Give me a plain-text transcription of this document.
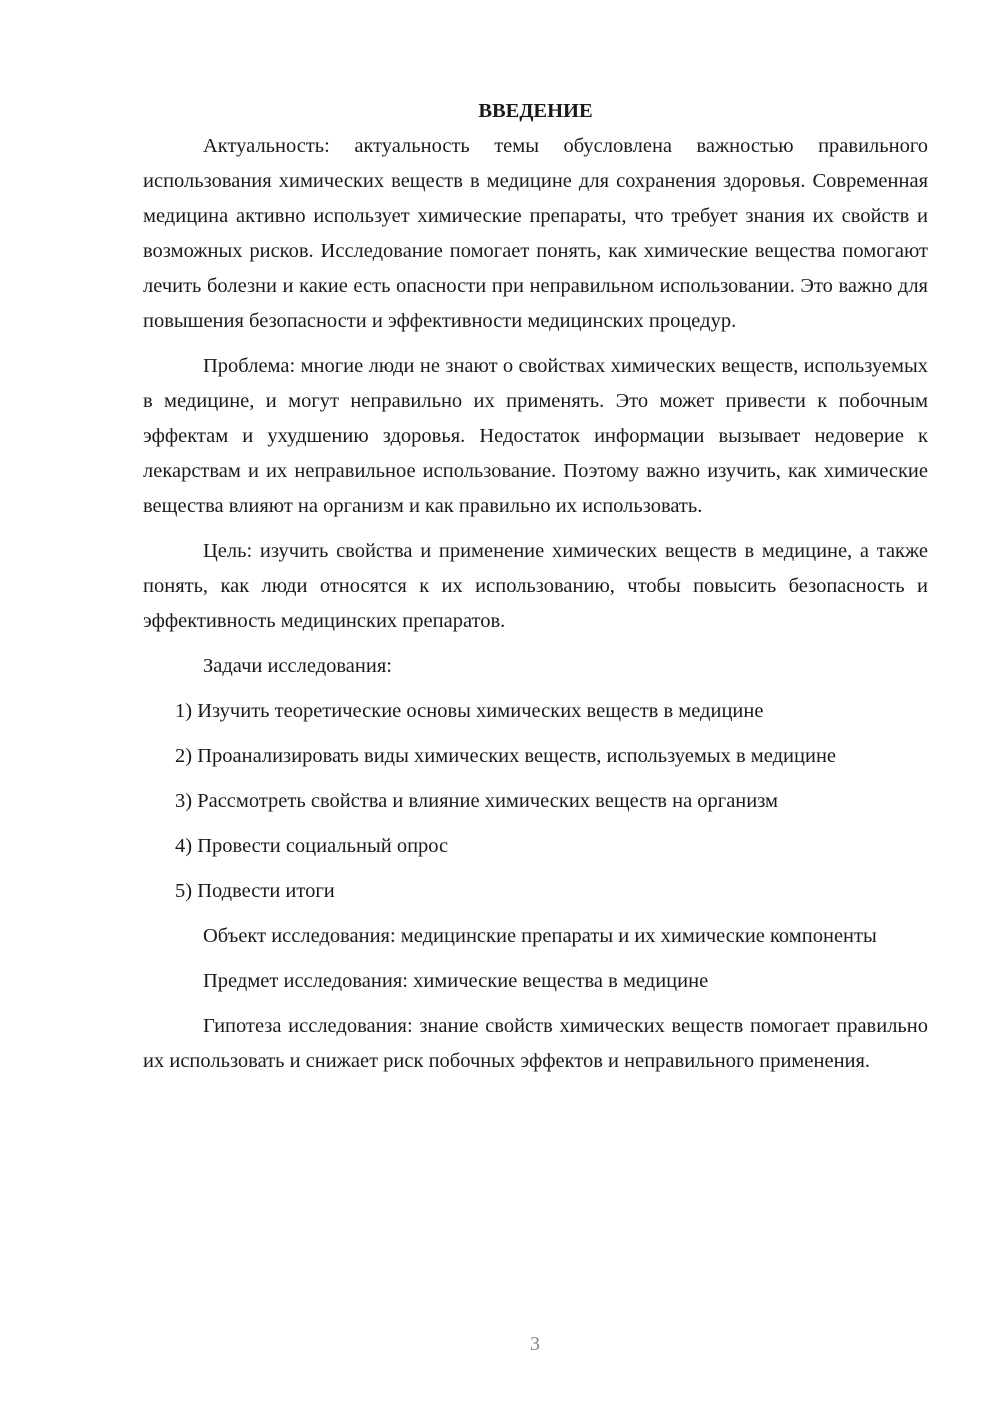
ВВЕДЕНИЕ

Актуальность: актуальность темы обусловлена важностью правильного использования химических веществ в медицине для сохранения здоровья. Современная медицина активно использует химические препараты, что требует знания их свойств и возможных рисков. Исследование помогает понять, как химические вещества помогают лечить болезни и какие есть опасности при неправильном использовании. Это важно для повышения безопасности и эффективности медицинских процедур.

Проблема: многие люди не знают о свойствах химических веществ, используемых в медицине, и могут неправильно их применять. Это может привести к побочным эффектам и ухудшению здоровья. Недостаток информации вызывает недоверие к лекарствам и их неправильное использование. Поэтому важно изучить, как химические вещества влияют на организм и как правильно их использовать.

Цель: изучить свойства и применение химических веществ в медицине, а также понять, как люди относятся к их использованию, чтобы повысить безопасность и эффективность медицинских препаратов.

Задачи исследования:

1) Изучить теоретические основы химических веществ в медицине

2) Проанализировать виды химических веществ, используемых в медицине

3) Рассмотреть свойства и влияние химических веществ на организм

4) Провести социальный опрос

5) Подвести итоги

Объект исследования: медицинские препараты и их химические компоненты

Предмет исследования: химические вещества в медицине

Гипотеза исследования: знание свойств химических веществ помогает правильно их использовать и снижает риск побочных эффектов и неправильного применения.

3
